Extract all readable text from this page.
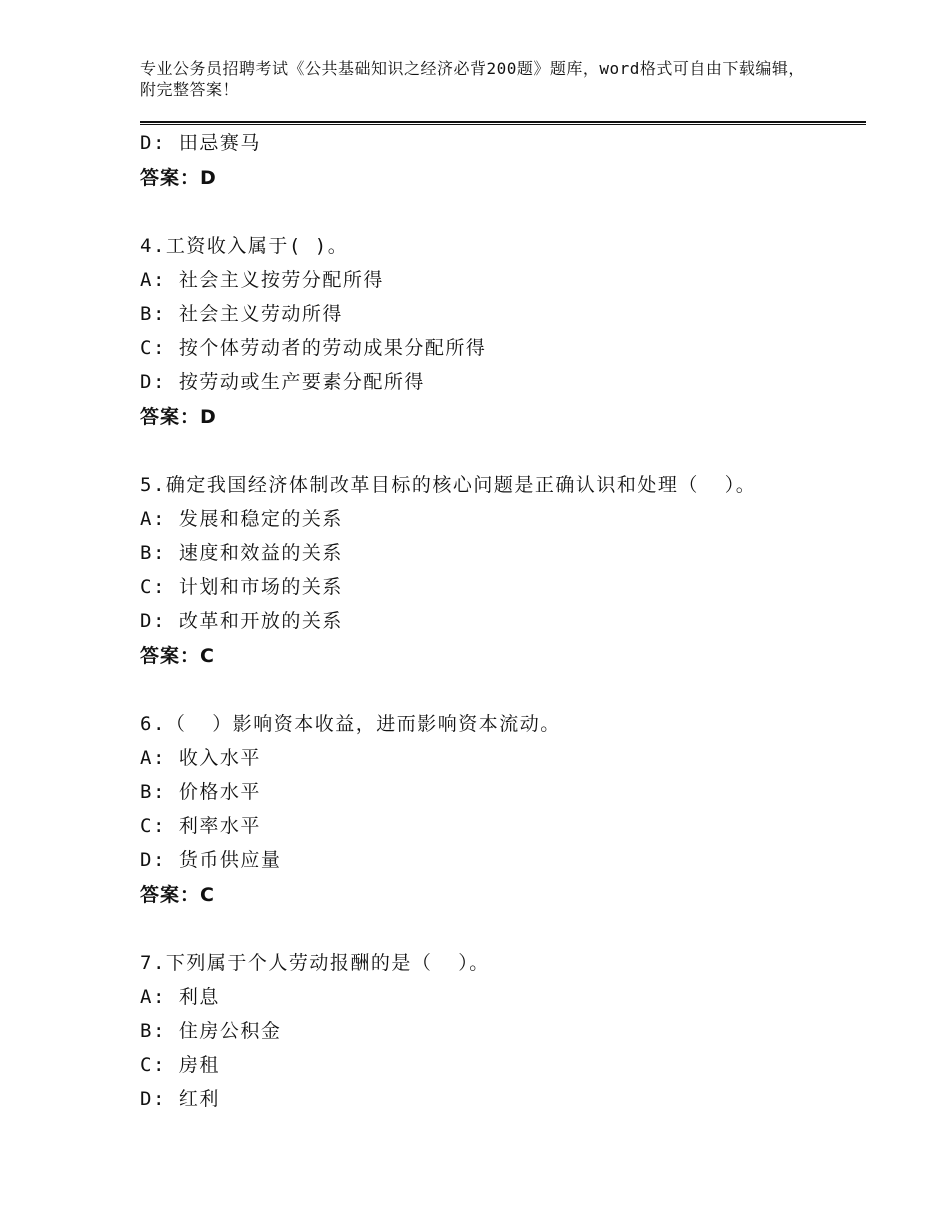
专业公务员招聘考试《公共基础知识之经济必背200题》题库，word格式可自由下载编辑，附完整答案！
D: 田忌赛马
答案：D
4.工资收入属于( )。
A: 社会主义按劳分配所得
B: 社会主义劳动所得
C: 按个体劳动者的劳动成果分配所得
D: 按劳动或生产要素分配所得
答案：D
5.确定我国经济体制改革目标的核心问题是正确认识和处理（  ）。
A: 发展和稳定的关系
B: 速度和效益的关系
C: 计划和市场的关系
D: 改革和开放的关系
答案：C
6.（  ）影响资本收益，进而影响资本流动。
A: 收入水平
B: 价格水平
C: 利率水平
D: 货币供应量
答案：C
7.下列属于个人劳动报酬的是（  ）。
A: 利息
B: 住房公积金
C: 房租
D: 红利
